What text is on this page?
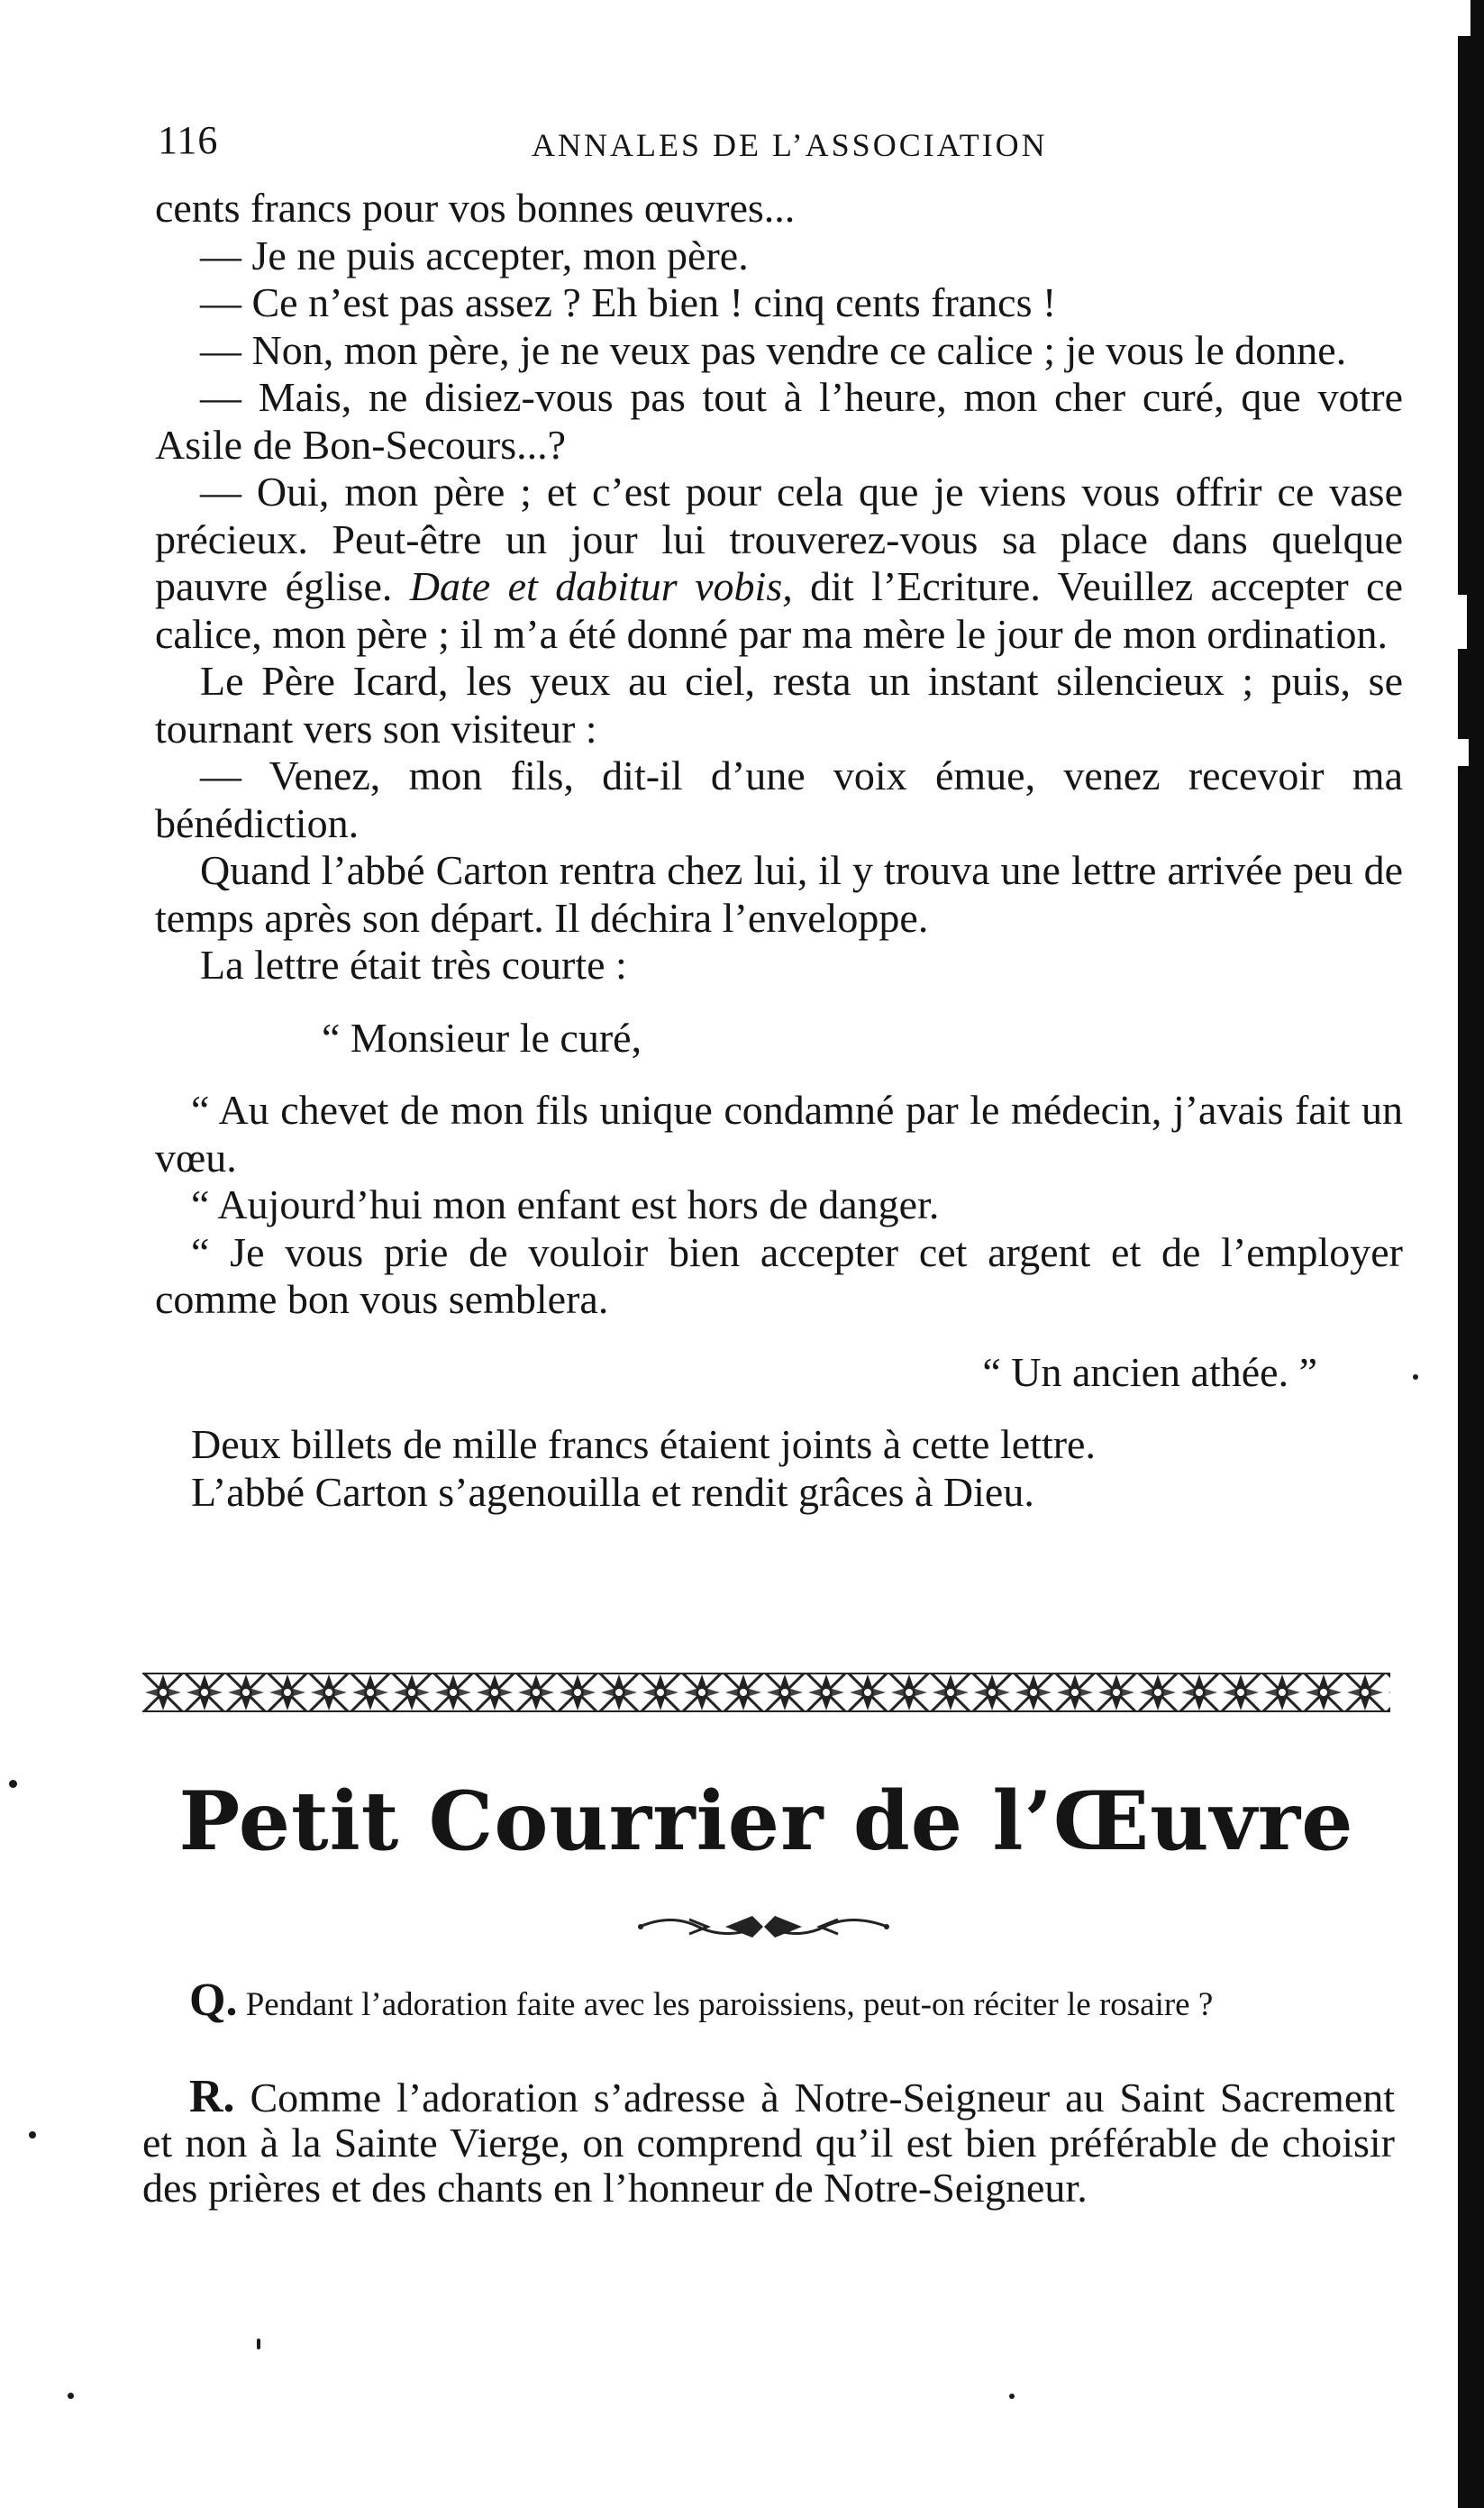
116	ANNALES DE L’ASSOCIATION

cents francs pour vos bonnes œuvres...

— Je ne puis accepter, mon père.

— Ce n’est pas assez ? Eh bien ! cinq cents francs !

— Non, mon père, je ne veux pas vendre ce calice ; je vous le donne.

— Mais, ne disiez-vous pas tout à l’heure, mon cher curé, que votre Asile de Bon-Secours...?

— Oui, mon père ; et c’est pour cela que je viens vous offrir ce vase précieux. Peut-être un jour lui trouverez-vous sa place dans quelque pauvre église. Date et dabitur vobis, dit l’Ecriture. Veuillez accepter ce calice, mon père ; il m’a été donné par ma mère le jour de mon ordination.

Le Père Icard, les yeux au ciel, resta un instant silencieux ; puis, se tournant vers son visiteur :

— Venez, mon fils, dit-il d’une voix émue, venez recevoir ma bénédiction.

Quand l’abbé Carton rentra chez lui, il y trouva une lettre arrivée peu de temps après son départ. Il déchira l’enveloppe.

La lettre était très courte :

“ Monsieur le curé,

“ Au chevet de mon fils unique condamné par le médecin, j’avais fait un vœu.

“ Aujourd’hui mon enfant est hors de danger.

“ Je vous prie de vouloir bien accepter cet argent et de l’employer comme bon vous semblera.

“ Un ancien athée. ”

Deux billets de mille francs étaient joints à cette lettre.

L’abbé Carton s’agenouilla et rendit grâces à Dieu.

Petit Courrier de l’Œuvre

Q. Pendant l’adoration faite avec les paroissiens, peut-on réciter le rosaire ?

R. Comme l’adoration s’adresse à Notre-Seigneur au Saint Sacrement et non à la Sainte Vierge, on comprend qu’il est bien préférable de choisir des prières et des chants en l’honneur de Notre-Seigneur.
